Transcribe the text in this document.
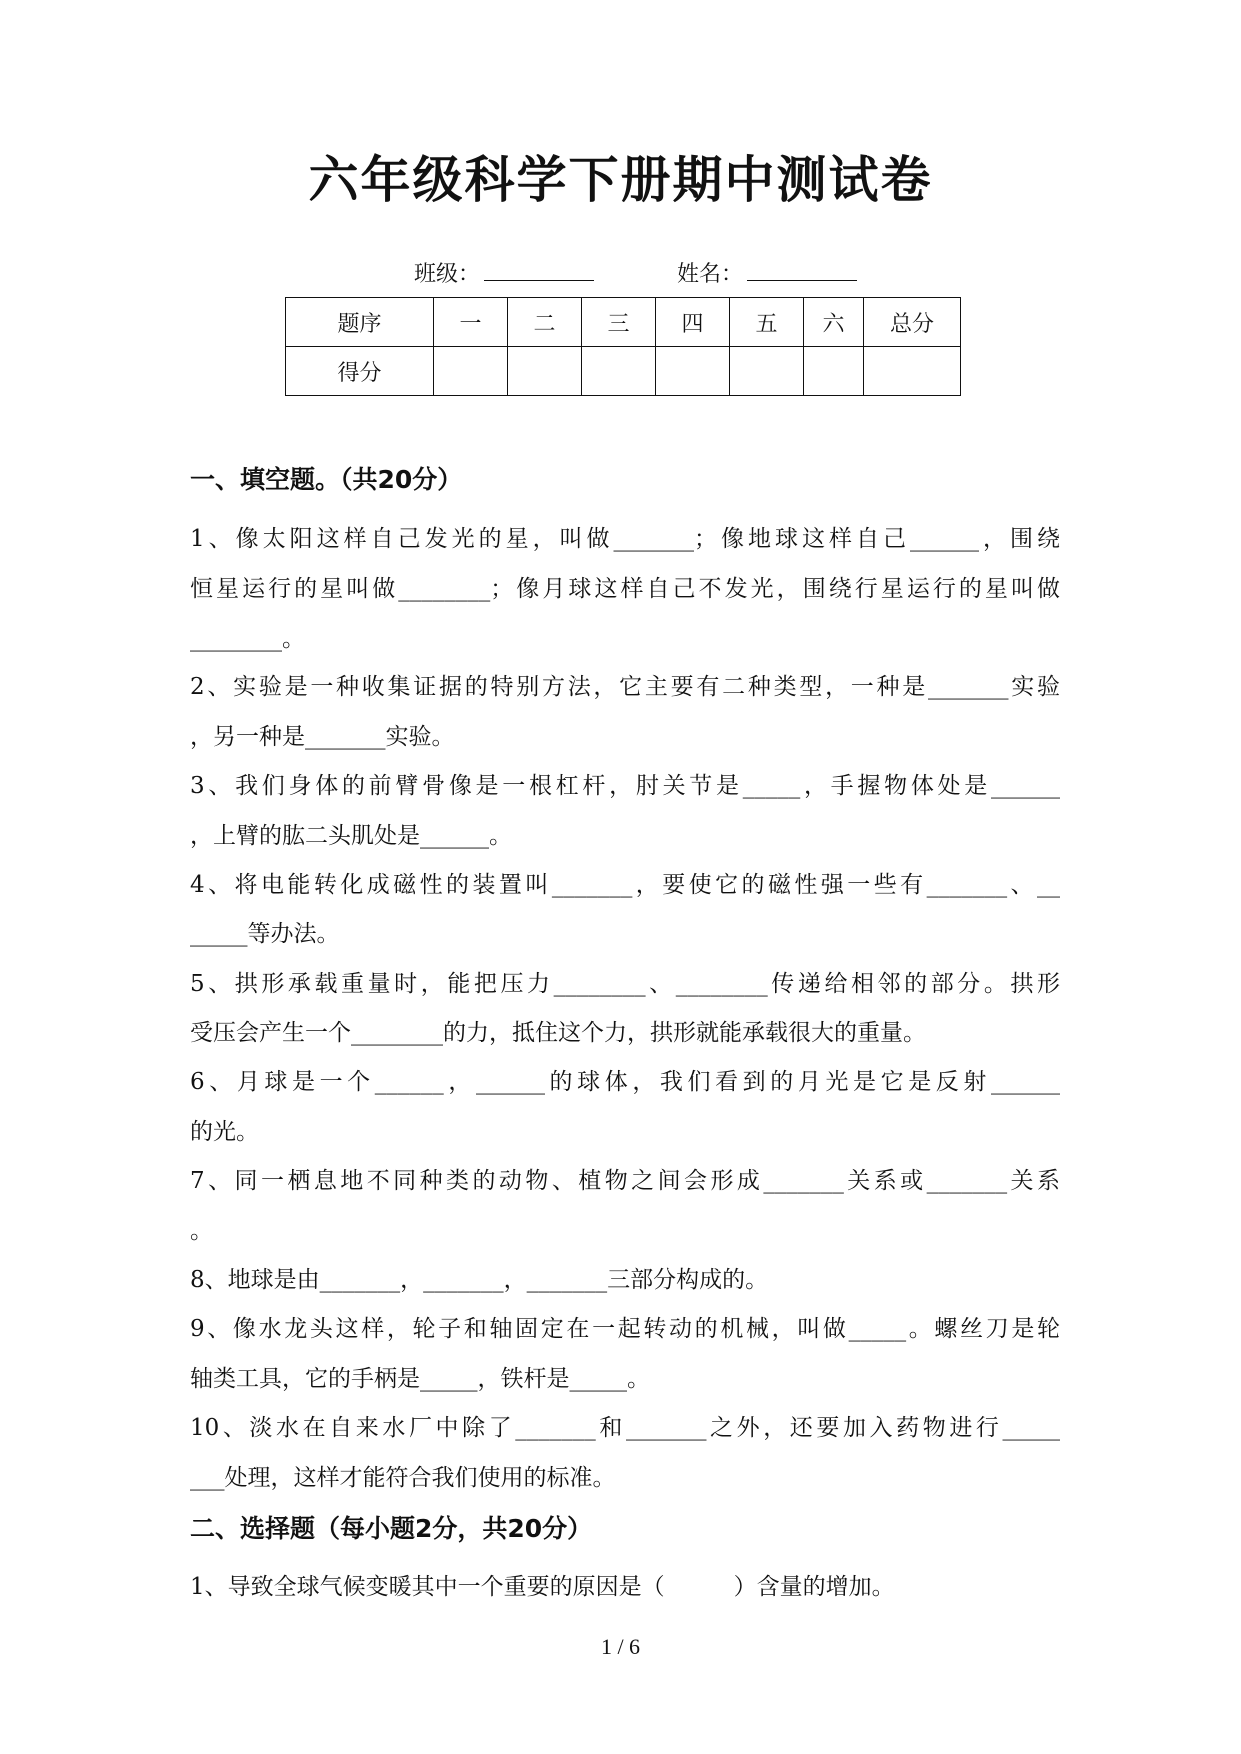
六年级科学下册期中测试卷
班级：	姓名：
题序	一	二	三	四	五	六	总分
得分							
一、填空题。（共20分）
1、像太阳这样自己发光的星，叫做_______；像地球这样自己______，围绕
恒星运行的星叫做________；像月球这样自己不发光，围绕行星运行的星叫做
________。
2、实验是一种收集证据的特别方法，它主要有二种类型，一种是_______实验
，另一种是_______实验。
3、我们身体的前臂骨像是一根杠杆，肘关节是_____，手握物体处是______
，上臂的肱二头肌处是______。
4、将电能转化成磁性的装置叫_______，要使它的磁性强一些有_______、__
_____等办法。
5、拱形承载重量时，能把压力________、________传递给相邻的部分。拱形
受压会产生一个________的力，抵住这个力，拱形就能承载很大的重量。
6、月球是一个______，______的球体，我们看到的月光是它是反射______
的光。
7、同一栖息地不同种类的动物、植物之间会形成_______关系或_______关系
。
8、地球是由_______，_______，_______三部分构成的。
9、像水龙头这样，轮子和轴固定在一起转动的机械，叫做_____。螺丝刀是轮
轴类工具，它的手柄是_____，铁杆是_____。
10、淡水在自来水厂中除了_______和_______之外，还要加入药物进行_____
___处理，这样才能符合我们使用的标准。
二、选择题（每小题2分，共20分）
1、导致全球气候变暖其中一个重要的原因是（　　　）含量的增加。
1 / 6
